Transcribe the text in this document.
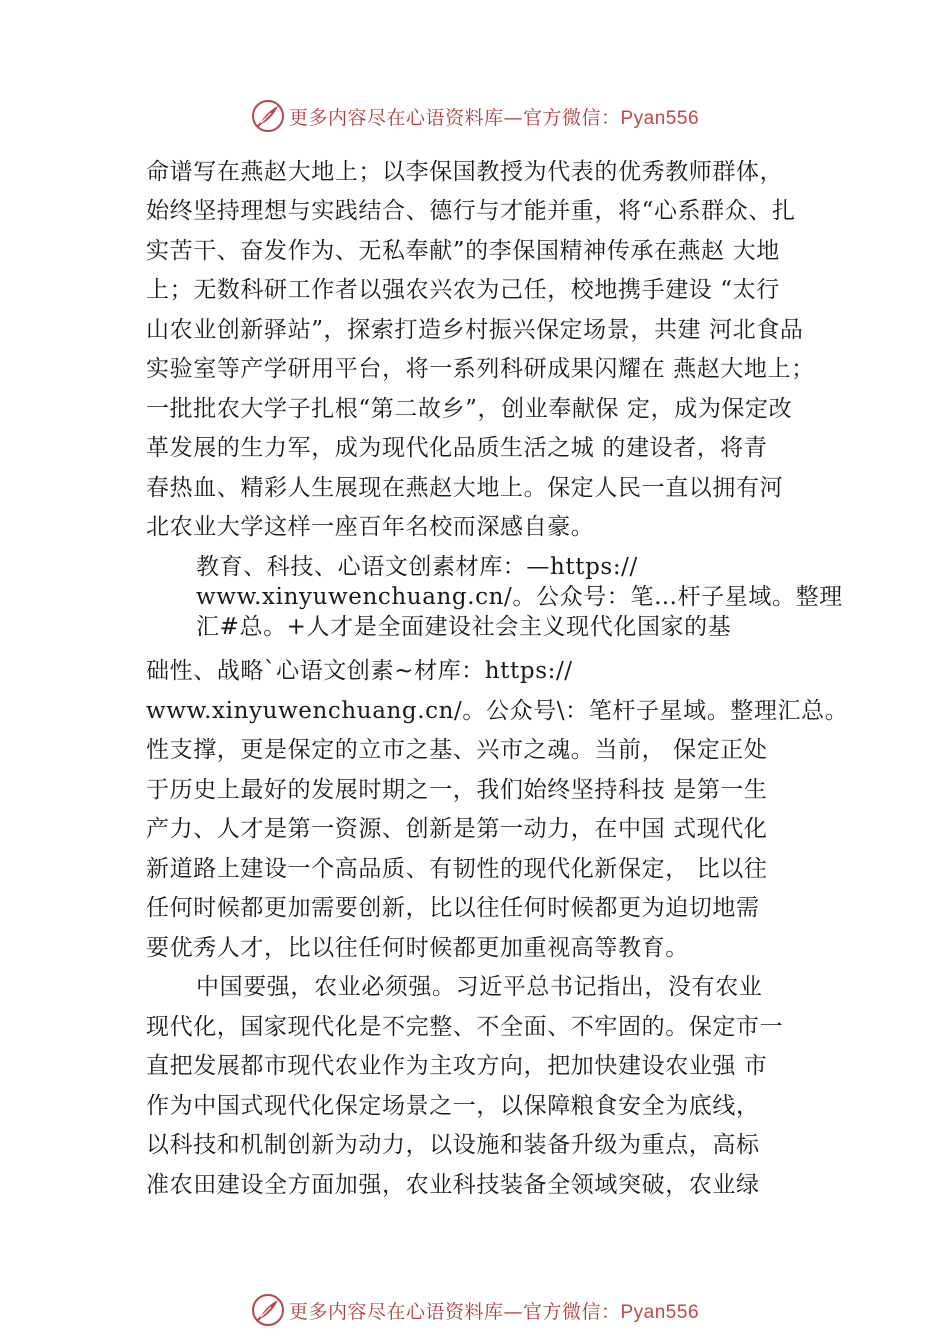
更多内容尽在心语资料库—官方微信：Pyan556
命谱写在燕赵大地上；以李保国教授为代表的优秀教师群体，
始终坚持理想与实践结合、德行与才能并重，将“心系群众、扎
实苦干、奋发作为、无私奉献”的李保国精神传承在燕赵 大地
上；无数科研工作者以强农兴农为己任，校地携手建设 “太行
山农业创新驿站”，探索打造乡村振兴保定场景，共建 河北食品
实验室等产学研用平台，将一系列科研成果闪耀在 燕赵大地上；
一批批农大学子扎根“第二故乡”，创业奉献保 定，成为保定改
革发展的生力军，成为现代化品质生活之城 的建设者，将青
春热血、精彩人生展现在燕赵大地上。保定人民一直以拥有河
北农业大学这样一座百年名校而深感自豪。
教育、科技、心语文创素材库：—https://
www.xinyuwenchuang.cn/。公众号：笔…杆子星域。整理
汇#总。+人才是全面建设社会主义现代化国家的基
础性、战略`心语文创素~材库：https://
www.xinyuwenchuang.cn/。公众号\：笔杆子星域。整理汇总。
性支撑，更是保定的立市之基、兴市之魂。当前， 保定正处
于历史上最好的发展时期之一，我们始终坚持科技 是第一生
产力、人才是第一资源、创新是第一动力，在中国 式现代化
新道路上建设一个高品质、有韧性的现代化新保定， 比以往
任何时候都更加需要创新，比以往任何时候都更为迫切地需
要优秀人才，比以往任何时候都更加重视高等教育。
中国要强，农业必须强。习近平总书记指出，没有农业
现代化，国家现代化是不完整、不全面、不牢固的。保定市一
直把发展都市现代农业作为主攻方向，把加快建设农业强 市
作为中国式现代化保定场景之一，以保障粮食安全为底线，
以科技和机制创新为动力，以设施和装备升级为重点，高标
准农田建设全方面加强，农业科技装备全领域突破，农业绿
更多内容尽在心语资料库—官方微信：Pyan556
